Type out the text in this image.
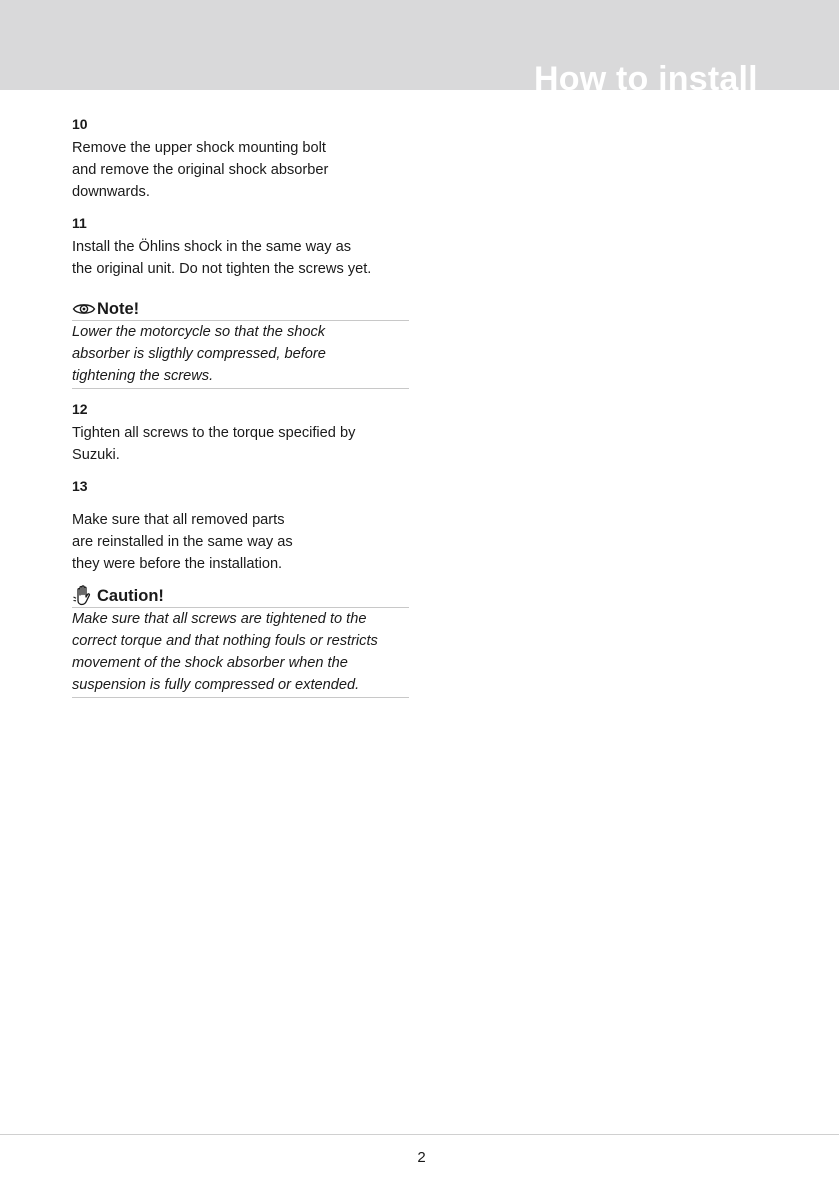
How to install
10

Remove the upper shock mounting bolt
and remove the original shock absorber
downwards.

11

Install the Öhlins shock in the same way as
the original unit. Do not tighten the screws yet.

Note!
Lower the motorcycle so that the shock
absorber is sligthly compressed, before
tightening the screws.
12

Tighten all screws to the torque specified by
Suzuki.

13

Make sure that all removed parts
are reinstalled in the same way as
they were before the installation.

Caution!
Make sure that all screws are tightened to the
correct torque and that nothing fouls or restricts
movement of the shock absorber when the
suspension is fully compressed or extended.
2
